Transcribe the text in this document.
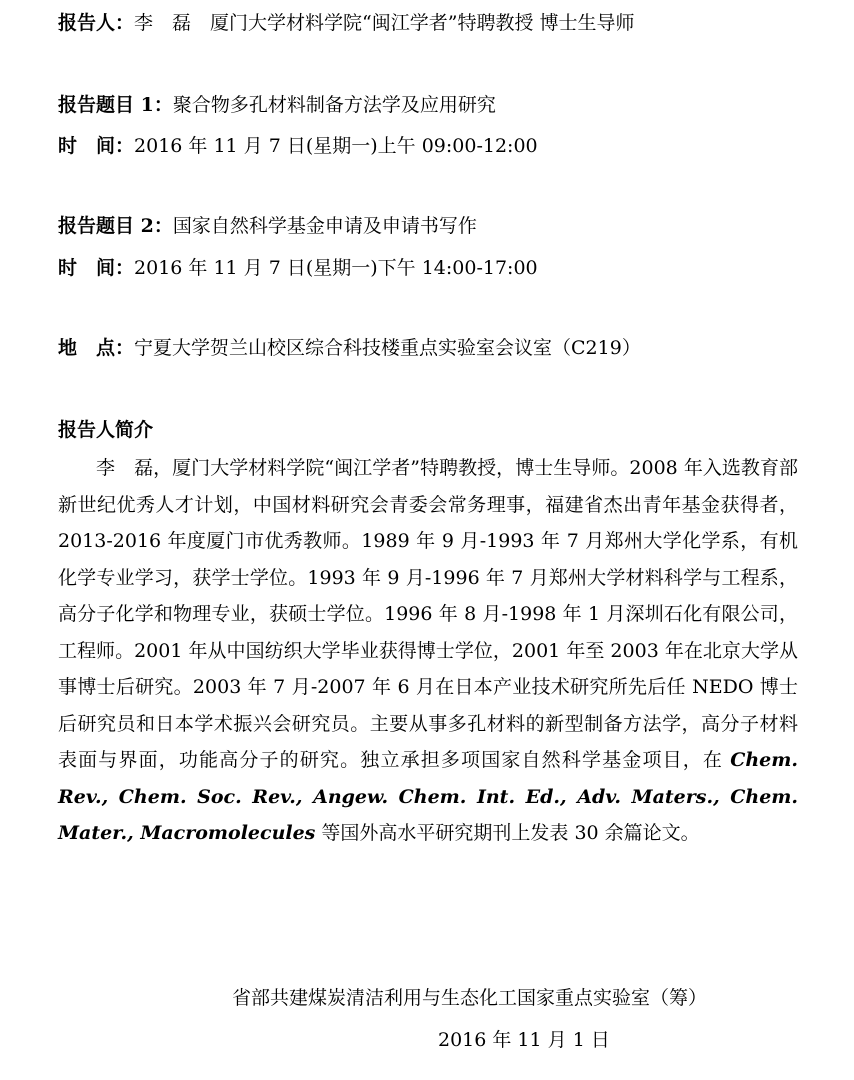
报告人：李　磊　厦门大学材料学院“闽江学者”特聘教授 博士生导师
报告题目 1：聚合物多孔材料制备方法学及应用研究
时　间：2016 年 11 月 7 日(星期一)上午 09:00-12:00
报告题目 2：国家自然科学基金申请及申请书写作
时　间：2016 年 11 月 7 日(星期一)下午 14:00-17:00
地　点：宁夏大学贺兰山校区综合科技楼重点实验室会议室（C219）
报告人简介

李　磊，厦门大学材料学院“闽江学者”特聘教授，博士生导师。2008 年入选教育部新世纪优秀人才计划，中国材料研究会青委会常务理事，福建省杰出青年基金获得者，2013-2016 年度厦门市优秀教师。1989 年 9 月-1993 年 7 月郑州大学化学系，有机化学专业学习，获学士学位。1993 年 9 月-1996 年 7 月郑州大学材料科学与工程系，高分子化学和物理专业，获硕士学位。1996 年 8 月-1998 年 1 月深圳石化有限公司，工程师。2001 年从中国纺织大学毕业获得博士学位，2001 年至 2003 年在北京大学从事博士后研究。2003 年 7 月-2007 年 6 月在日本产业技术研究所先后任 NEDO 博士后研究员和日本学术振兴会研究员。主要从事多孔材料的新型制备方法学，高分子材料表面与界面，功能高分子的研究。独立承担多项国家自然科学基金项目，在 Chem. Rev., Chem. Soc. Rev., Angew. Chem. Int. Ed., Adv. Maters., Chem. Mater., Macromolecules 等国外高水平研究期刊上发表 30 余篇论文。

省部共建煤炭清洁利用与生态化工国家重点实验室（筹）
2016 年 11 月 1 日
